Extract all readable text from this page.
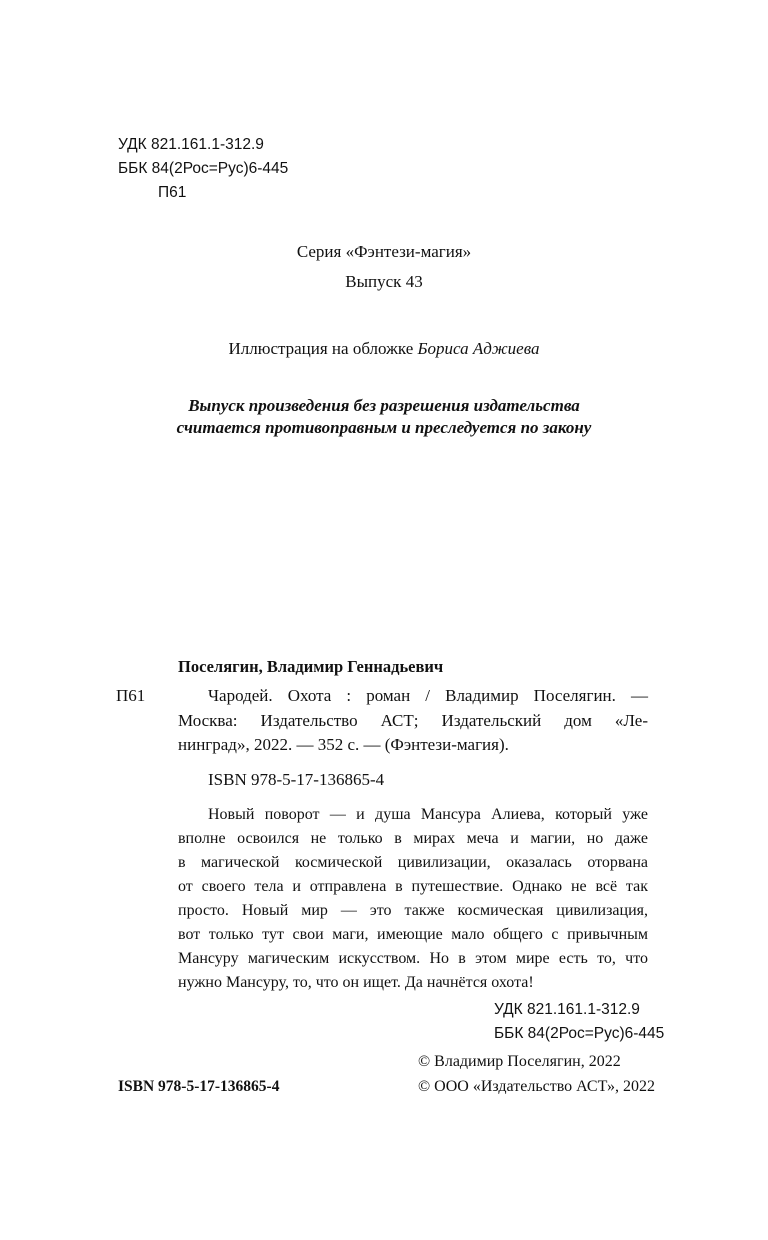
УДК 821.161.1-312.9
ББК 84(2Рос=Рус)6-445
П61
Серия «Фэнтези-магия»
Выпуск 43
Иллюстрация на обложке Бориса Аджиева
Выпуск произведения без разрешения издательства
считается противоправным и преследуется по закону
Поселягин, Владимир Геннадьевич
П61	Чародей. Охота : роман / Владимир Поселягин. —
Москва: Издательство АСТ; Издательский дом «Ле-
нинград», 2022. — 352 с. — (Фэнтези-магия).
ISBN 978-5-17-136865-4
Новый поворот — и душа Мансура Алиева, который уже
вполне освоился не только в мирах меча и магии, но даже
в магической космической цивилизации, оказалась оторвана
от своего тела и отправлена в путешествие. Однако не всё так
просто. Новый мир — это также космическая цивилизация,
вот только тут свои маги, имеющие мало общего с привычным
Мансуру магическим искусством. Но в этом мире есть то, что
нужно Мансуру, то, что он ищет. Да начнётся охота!
УДК 821.161.1-312.9
ББК 84(2Рос=Рус)6-445
© Владимир Поселягин, 2022
© ООО «Издательство АСТ», 2022
ISBN 978-5-17-136865-4
